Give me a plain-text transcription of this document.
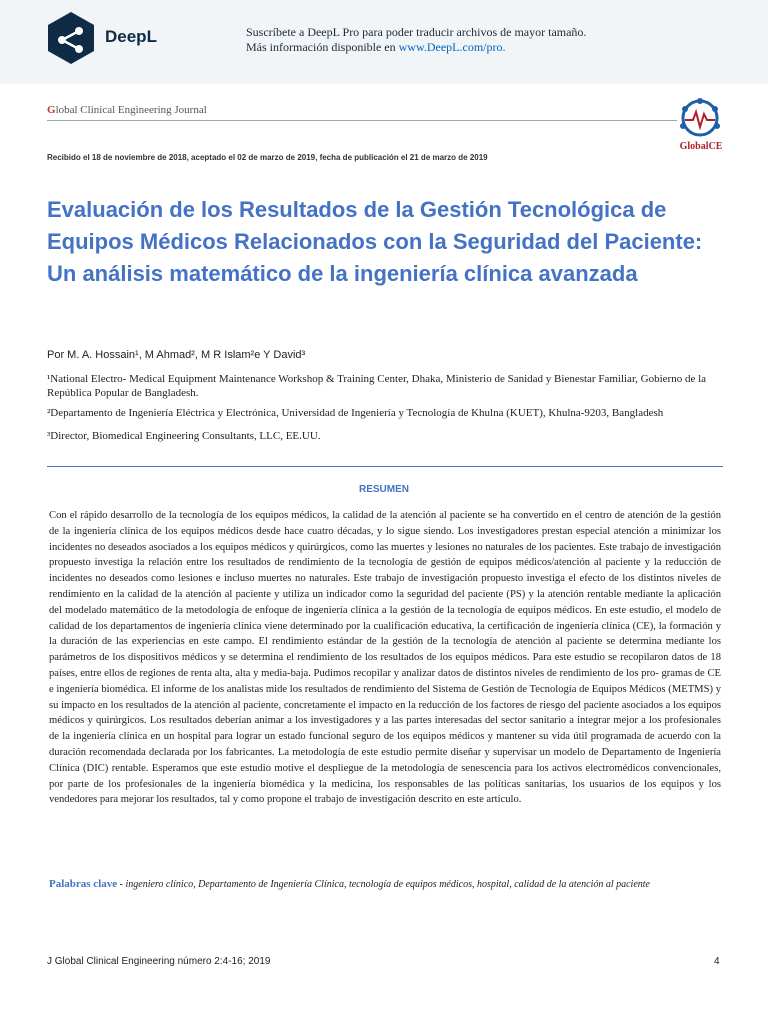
DeepL	Suscríbete a DeepL Pro para poder traducir archivos de mayor tamaño.
Más información disponible en www.DeepL.com/pro.
Global Clinical Engineering Journal
GlobalCE
Recibido el 18 de noviembre de 2018, aceptado el 02 de marzo de 2019, fecha de publicación el 21 de marzo de 2019
Evaluación de los Resultados de la Gestión Tecnológica de Equipos Médicos Relacionados con la Seguridad del Paciente: Un análisis matemático de la ingeniería clínica avanzada
Por M. A. Hossain¹, M Ahmad², M R Islam²e Y David³
¹National Electro- Medical Equipment Maintenance Workshop & Training Center, Dhaka, Ministerio de Sanidad y Bienestar Familiar, Gobierno de la República Popular de Bangladesh.
²Departamento de Ingeniería Eléctrica y Electrónica, Universidad de Ingeniería y Tecnología de Khulna (KUET), Khulna-9203, Bangladesh
³Director, Biomedical Engineering Consultants, LLC, EE.UU.
RESUMEN

Con el rápido desarrollo de la tecnología de los equipos médicos, la calidad de la atención al paciente se ha convertido en el centro de atención de la gestión de la ingeniería clínica de los equipos médicos desde hace cuatro décadas, y lo sigue siendo. Los investigadores prestan especial atención a minimizar los incidentes no deseados asociados a los equipos médicos y quirúrgicos, como las muertes y lesiones no naturales de los pacientes. Este trabajo de investigación propuesto investiga la relación entre los resultados de rendimiento de la tecnología de gestión de equipos médicos/atención al paciente y la reducción de incidentes no deseados como lesiones e incluso muertes no naturales. Este trabajo de investigación propuesto investiga el efecto de los distintos niveles de rendimiento en la calidad de la atención al paciente y utiliza un indicador como la seguridad del paciente (PS) y la atención rentable mediante la aplicación del modelado matemático de la metodología de enfoque de ingeniería clínica a la gestión de la tecnología de equipos médicos. En este estudio, el modelo de calidad de los departamentos de ingeniería clínica viene determinado por la cualificación educativa, la certificación de ingeniería clínica (CE), la formación y la duración de las experiencias en este campo. El rendimiento estándar de la gestión de la tecnología de atención al paciente se determina mediante los parámetros de los dispositivos médicos y se determina el rendimiento de los resultados de los equipos médicos. Para este estudio se recopilaron datos de 18 países, entre ellos de regiones de renta alta, alta y media-baja. Pudimos recopilar y analizar datos de distintos niveles de rendimiento de los pro- gramas de CE e ingeniería biomédica. El informe de los analistas mide los resultados de rendimiento del Sistema de Gestión de Tecnología de Equipos Médicos (METMS) y su impacto en los resultados de la atención al paciente, concretamente el impacto en la reducción de los factores de riesgo del paciente asociados a los equipos médicos y quirúrgicos. Los resultados deberían animar a los investigadores y a las partes interesadas del sector sanitario a integrar mejor a los profesionales de la ingeniería clínica en un hospital para lograr un estado funcional seguro de los equipos médicos y mantener su vida útil programada de acuerdo con la duración recomendada declarada por los fabricantes. La metodología de este estudio permite diseñar y supervisar un modelo de Departamento de Ingeniería Clínica (DIC) rentable. Esperamos que este estudio motive el despliegue de la metodología de senescencia para los activos electromédicos convencionales, por parte de los profesionales de la ingeniería biomédica y la medicina, los responsables de las políticas sanitarias, los usuarios de los equipos y los vendedores para mejorar los resultados, tal y como propone el trabajo de investigación descrito en este artículo.

Palabras clave - ingeniero clínico, Departamento de Ingeniería Clínica, tecnología de equipos médicos, hospital, calidad de la atención al paciente
J Global Clinical Engineering número 2:4-16; 2019	4
